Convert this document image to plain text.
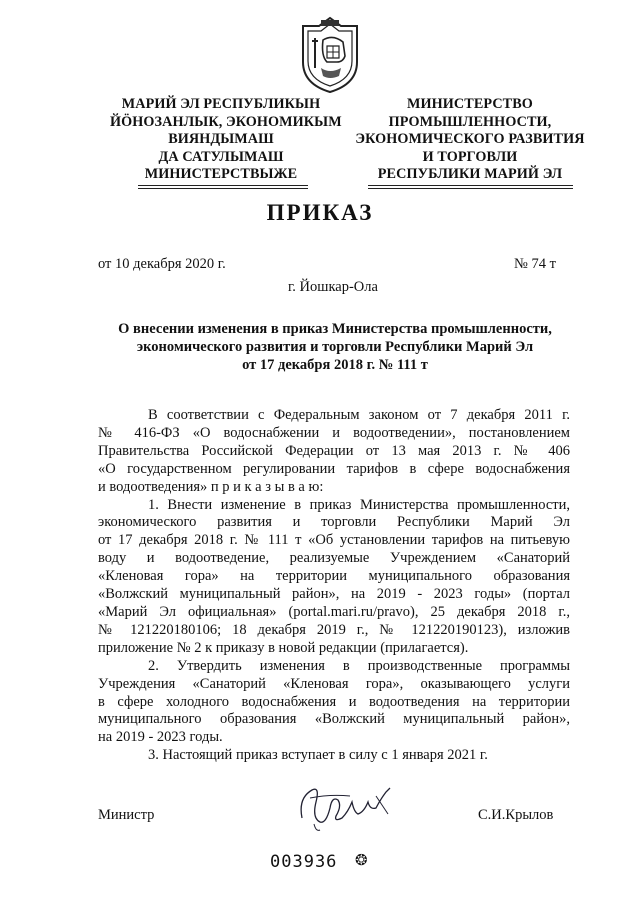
МАРИЙ ЭЛ РЕСПУБЛИКЫН
ЙÖНОЗАНЛЫК, ЭКОНОМИКЫМ
ВИЯНДЫМАШ
ДА САТУЛЫМАШ
МИНИСТЕРСТВЫЖЕ
МИНИСТЕРСТВО
ПРОМЫШЛЕННОСТИ,
ЭКОНОМИЧЕСКОГО РАЗВИТИЯ
И ТОРГОВЛИ
РЕСПУБЛИКИ МАРИЙ ЭЛ
ПРИКАЗ
от 10 декабря 2020 г.	№ 74 т
г. Йошкар-Ола
О внесении изменения в приказ Министерства промышленности,
экономического развития и торговли Республики Марий Эл
от 17 декабря 2018 г. № 111 т

В соответствии с Федеральным законом от 7 декабря 2011 г.
№ 416-ФЗ «О водоснабжении и водоотведении», постановлением
Правительства Российской Федерации от 13 мая 2013 г. № 406
«О государственном регулировании тарифов в сфере водоснабжения
и водоотведения» п р и к а з ы в а ю:

1. Внести изменение в приказ Министерства промышленности,
экономического развития и торговли Республики Марий Эл
от 17 декабря 2018 г. № 111 т «Об установлении тарифов на питьевую
воду и водоотведение, реализуемые Учреждением «Санаторий
«Кленовая гора» на территории муниципального образования
«Волжский муниципальный район», на 2019 - 2023 годы» (портал
«Марий Эл официальная» (portal.mari.ru/pravo), 25 декабря 2018 г.,
№ 121220180106; 18 декабря 2019 г., № 121220190123), изложив
приложение № 2 к приказу в новой редакции (прилагается).

2. Утвердить изменения в производственные программы
Учреждения «Санаторий «Кленовая гора», оказывающего услуги
в сфере холодного водоснабжения и водоотведения на территории
муниципального образования «Волжский муниципальный район»,
на 2019 - 2023 годы.

3. Настоящий приказ вступает в силу с 1 января 2021 г.

Министр	С.И.Крылов
003936 ❂
